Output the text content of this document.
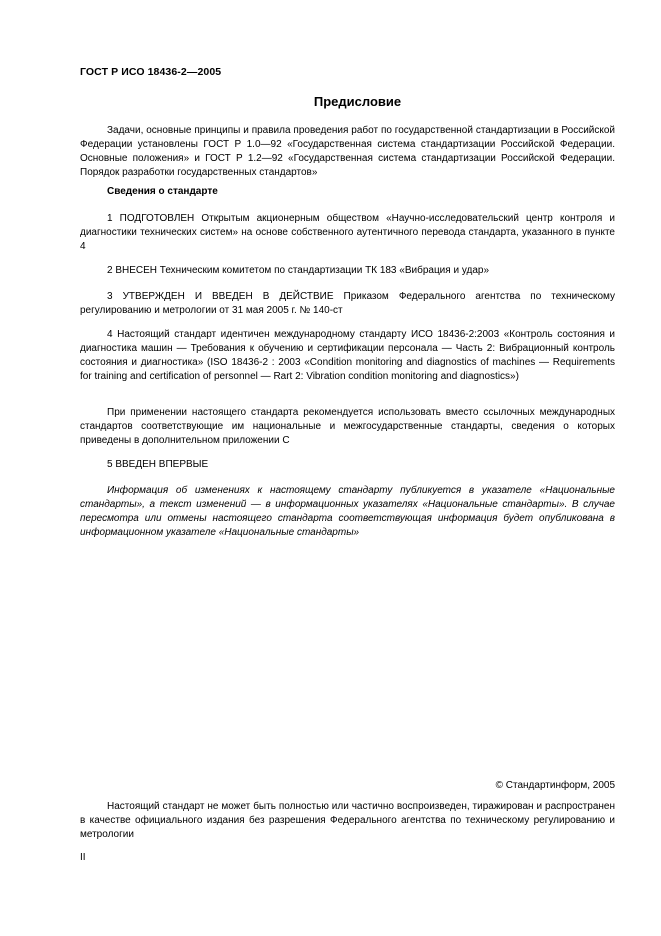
ГОСТ Р ИСО 18436-2—2005
Предисловие

Задачи, основные принципы и правила проведения работ по государственной стандартизации в Российской Федерации установлены ГОСТ Р 1.0—92 «Государственная система стандартизации Российской Федерации. Основные положения» и ГОСТ Р 1.2—92 «Государственная система стандартизации Российской Федерации. Порядок разработки государственных стандартов»

Сведения о стандарте

1 ПОДГОТОВЛЕН Открытым акционерным обществом «Научно-исследовательский центр контроля и диагностики технических систем» на основе собственного аутентичного перевода стандарта, указанного в пункте 4

2 ВНЕСЕН Техническим комитетом по стандартизации ТК 183 «Вибрация и удар»

3 УТВЕРЖДЕН И ВВЕДЕН В ДЕЙСТВИЕ Приказом Федерального агентства по техническому регулированию и метрологии от 31 мая 2005 г. № 140-ст

4 Настоящий стандарт идентичен международному стандарту ИСО 18436-2:2003 «Контроль состояния и диагностика машин — Требования к обучению и сертификации персонала — Часть 2: Вибрационный контроль состояния и диагностика» (ISO 18436-2 : 2003 «Condition monitoring and diagnostics of machines — Requirements for training and certification of personnel — Rart 2: Vibration condition monitoring and diagnostics»)

При применении настоящего стандарта рекомендуется использовать вместо ссылочных международных стандартов соответствующие им национальные и межгосударственные стандарты, сведения о которых приведены в дополнительном приложении С

5 ВВЕДЕН ВПЕРВЫЕ

Информация об изменениях к настоящему стандарту публикуется в указателе «Национальные стандарты», а текст изменений — в информационных указателях «Национальные стандарты». В случае пересмотра или отмены настоящего стандарта соответствующая информация будет опубликована в информационном указателе «Национальные стандарты»

© Стандартинформ, 2005

Настоящий стандарт не может быть полностью или частично воспроизведен, тиражирован и распространен в качестве официального издания без разрешения Федерального агентства по техническому регулированию и метрологии

II
